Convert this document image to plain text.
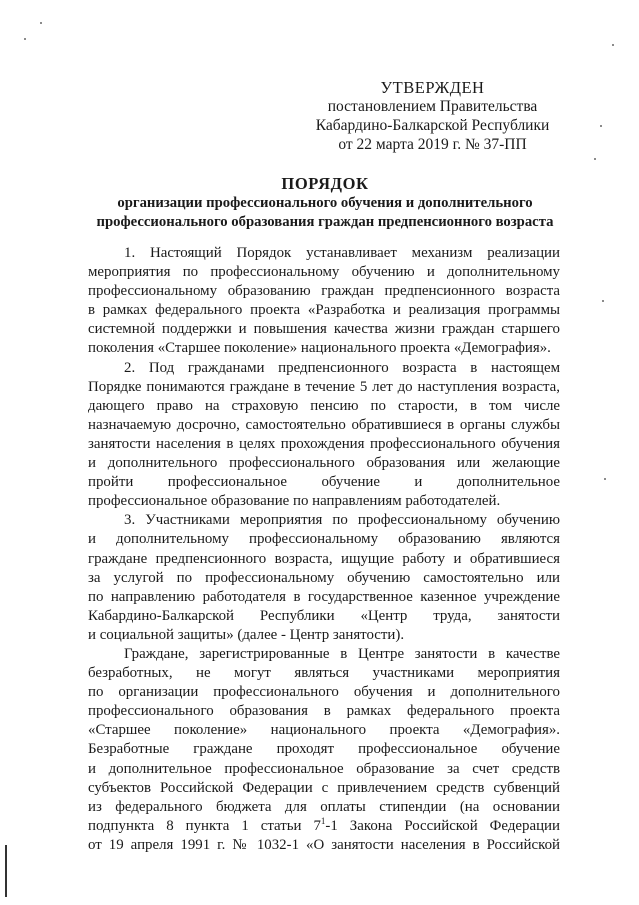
УТВЕРЖДЕН
постановлением Правительства
Кабардино-Балкарской Республики
от 22 марта 2019 г. № 37-ПП
ПОРЯДОК
организации профессионального обучения и дополнительного
профессионального образования граждан предпенсионного возраста
1. Настоящий Порядок устанавливает механизм реализации
мероприятия по профессиональному обучению и дополнительному
профессиональному образованию граждан предпенсионного возраста
в рамках федерального проекта «Разработка и реализация программы
системной поддержки и повышения качества жизни граждан старшего
поколения «Старшее поколение» национального проекта «Демография».
2. Под гражданами предпенсионного возраста в настоящем
Порядке понимаются граждане в течение 5 лет до наступления возраста,
дающего право на страховую пенсию по старости, в том числе
назначаемую досрочно, самостоятельно обратившиеся в органы службы
занятости населения в целях прохождения профессионального обучения
и дополнительного профессионального образования или желающие
пройти профессиональное обучение и дополнительное
профессиональное образование по направлениям работодателей.
3. Участниками мероприятия по профессиональному обучению
и дополнительному профессиональному образованию являются
граждане предпенсионного возраста, ищущие работу и обратившиеся
за услугой по профессиональному обучению самостоятельно или
по направлению работодателя в государственное казенное учреждение
Кабардино-Балкарской Республики «Центр труда, занятости
и социальной защиты» (далее - Центр занятости).
Граждане, зарегистрированные в Центре занятости в качестве
безработных, не могут являться участниками мероприятия
по организации профессионального обучения и дополнительного
профессионального образования в рамках федерального проекта
«Старшее поколение» национального проекта «Демография».
Безработные граждане проходят профессиональное обучение
и дополнительное профессиональное образование за счет средств
субъектов Российской Федерации с привлечением средств субвенций
из федерального бюджета для оплаты стипендии (на основании
подпункта 8 пункта 1 статьи $7^1-1$ Закона Российской Федерации
от 19 апреля 1991 г. № 1032-1 «О занятости населения в Российской
